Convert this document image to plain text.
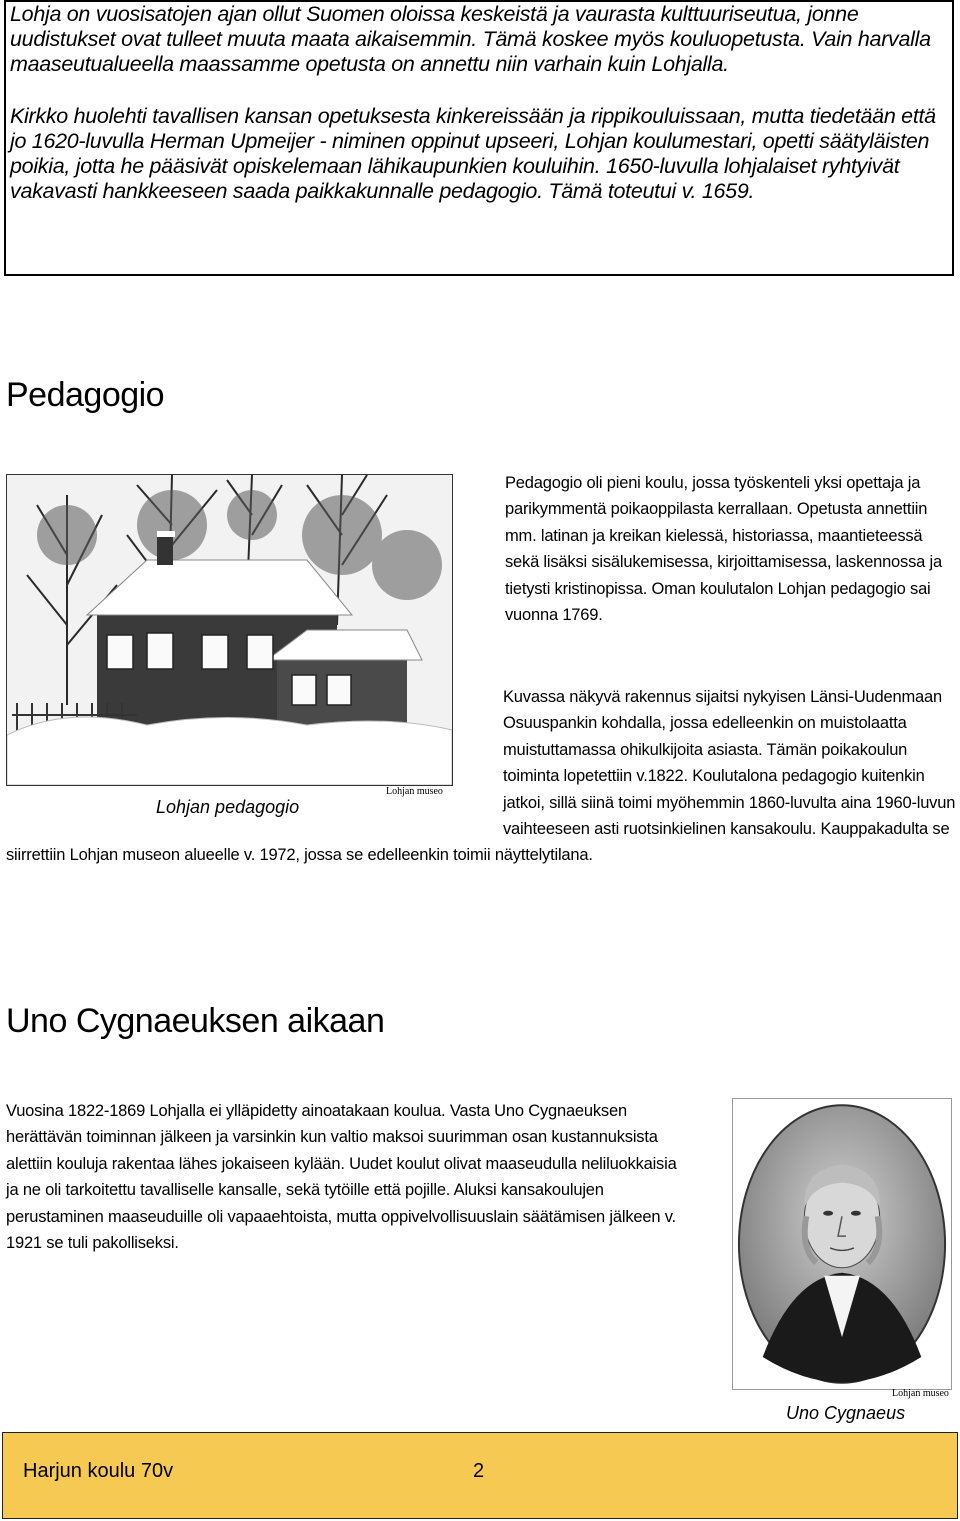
Lohja on vuosisatojen ajan ollut Suomen oloissa keskeistä ja vaurasta kulttuuriseutua, jonne uudistukset ovat tulleet muuta maata aikaisemmin. Tämä koskee myös kouluopetusta. Vain harvalla maaseutualueella maassamme opetusta on annettu niin varhain kuin Lohjalla.

Kirkko huolehti tavallisen kansan opetuksesta kinkereissään ja rippikouluissaan, mutta tiedetään että jo 1620-luvulla Herman Upmeijer - niminen oppinut upseeri, Lohjan koulumestari, opetti säätyläisten poikia, jotta he pääsivät opiskelemaan lähikaupunkien kouluihin. 1650-luvulla lohjalaiset ryhtyivät vakavasti hankkeeseen saada paikkakunnalle pedagogio. Tämä toteutui v. 1659.

Pedagogio
Lohjan museo
Lohjan pedagogio

Pedagogio oli pieni koulu, jossa työskenteli yksi opettaja ja parikymmentä poikaoppilasta kerrallaan. Opetusta annettiin mm. latinan ja kreikan kielessä, historiassa, maantieteessä sekä lisäksi sisälukemisessa, kirjoittamisessa, laskennossa ja tietysti kristinopissa. Oman koulutalon Lohjan pedagogio sai vuonna 1769.

Kuvassa näkyvä rakennus sijaitsi nykyisen Länsi-Uudenmaan Osuuspankin kohdalla, jossa edelleenkin on muistolaatta muistuttamassa ohikulkijoita asiasta. Tämän poikakoulun toiminta lopetettiin v.1822. Koulutalona pedagogio kuitenkin jatkoi, sillä siinä toimi myöhemmin 1860-luvulta aina 1960-luvun vaihteeseen asti ruotsinkielinen kansakoulu. Kauppakadulta se siirrettiin Lohjan museon alueelle v. 1972, jossa se edelleenkin toimii näyttelytilana.

Uno Cygnaeuksen aikaan

Vuosina 1822-1869 Lohjalla ei ylläpidetty ainoatakaan koulua. Vasta Uno Cygnaeuksen herättävän toiminnan jälkeen ja varsinkin kun valtio maksoi suurimman osan kustannuksista alettiin kouluja rakentaa lähes jokaiseen kylään. Uudet koulut olivat maaseudulla neliluokkaisia ja ne oli tarkoitettu tavalliselle kansalle, sekä tytöille että pojille. Aluksi kansakoulujen perustaminen maaseuduille oli vapaaehtoista, mutta oppivelvollisuuslain säätämisen jälkeen v. 1921 se tuli pakolliseksi.

Lohjan museo
Uno Cygnaeus
Harjun koulu 70v	2
